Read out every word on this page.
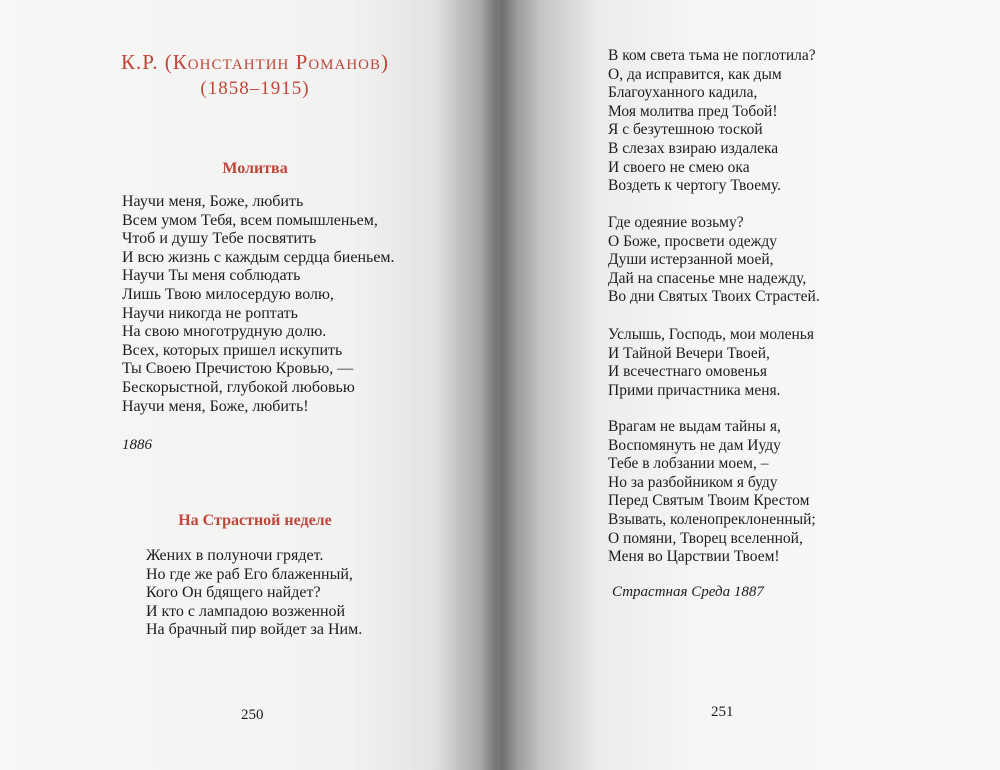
К.Р. (Константин Романов)
(1858–1915)
Молитва
Научи меня, Боже, любить
Всем умом Тебя, всем помышленьем,
Чтоб и душу Тебе посвятить
И всю жизнь с каждым сердца биеньем.
Научи Ты меня соблюдать
Лишь Твою милосердую волю,
Научи никогда не роптать
На свою многотрудную долю.
Всех, которых пришел искупить
Ты Своею Пречистою Кровью, —
Бескорыстной, глубокой любовью
Научи меня, Боже, любить!
1886
На Страстной неделе
Жених в полуночи грядет.
Но где же раб Его блаженный,
Кого Он бдящего найдет?
И кто с лампадою возженной
На брачный пир войдет за Ним.
250
В ком света тьма не поглотила?
О, да исправится, как дым
Благоуханного кадила,
Моя молитва пред Тобой!
Я с безутешною тоской
В слезах взираю издалека
И своего не смею ока
Воздеть к чертогу Твоему.
Где одеяние возьму?
О Боже, просвети одежду
Души истерзанной моей,
Дай на спасенье мне надежду,
Во дни Святых Твоих Страстей.
Услышь, Господь, мои моленья
И Тайной Вечери Твоей,
И всечестнаго омовенья
Прими причастника меня.
Врагам не выдам тайны я,
Воспомянуть не дам Иуду
Тебе в лобзании моем, –
Но за разбойником я буду
Перед Святым Твоим Крестом
Взывать, коленопреклоненный;
О помяни, Творец вселенной,
Меня во Царствии Твоем!
Страстная Среда 1887
251
